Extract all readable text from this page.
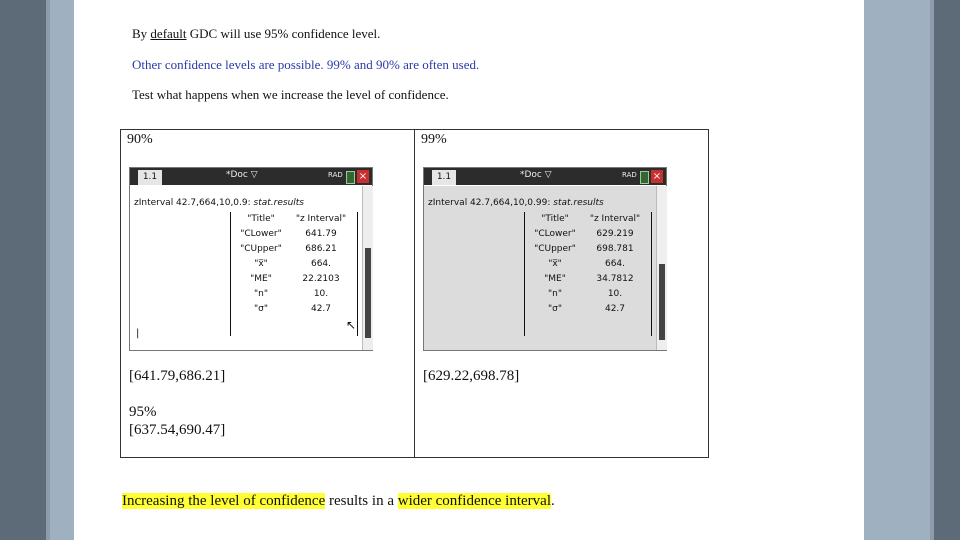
By default GDC will use 95% confidence level.
Other confidence levels are possible. 99% and 90% are often used.
Test what happens when we increase the level of confidence.
90%	99%
1.1	*Doc ▽	RAD ×
zInterval 42.7,664,10,0.9: stat.results
"Title"	"z Interval"
"CLower"	641.79
"CUpper"	686.21
"x̅"	664.
"ME"	22.2103
"n"	10.
"σ"	42.7
|
↖
1.1	*Doc ▽	RAD ×
zInterval 42.7,664,10,0.99: stat.results
"Title"	"z Interval"
"CLower"	629.219
"CUpper"	698.781
"x̅"	664.
"ME"	34.7812
"n"	10.
"σ"	42.7
[641.79,686.21]	[629.22,698.78]
95%
[637.54,690.47]
Increasing the level of confidence results in a wider confidence interval.
